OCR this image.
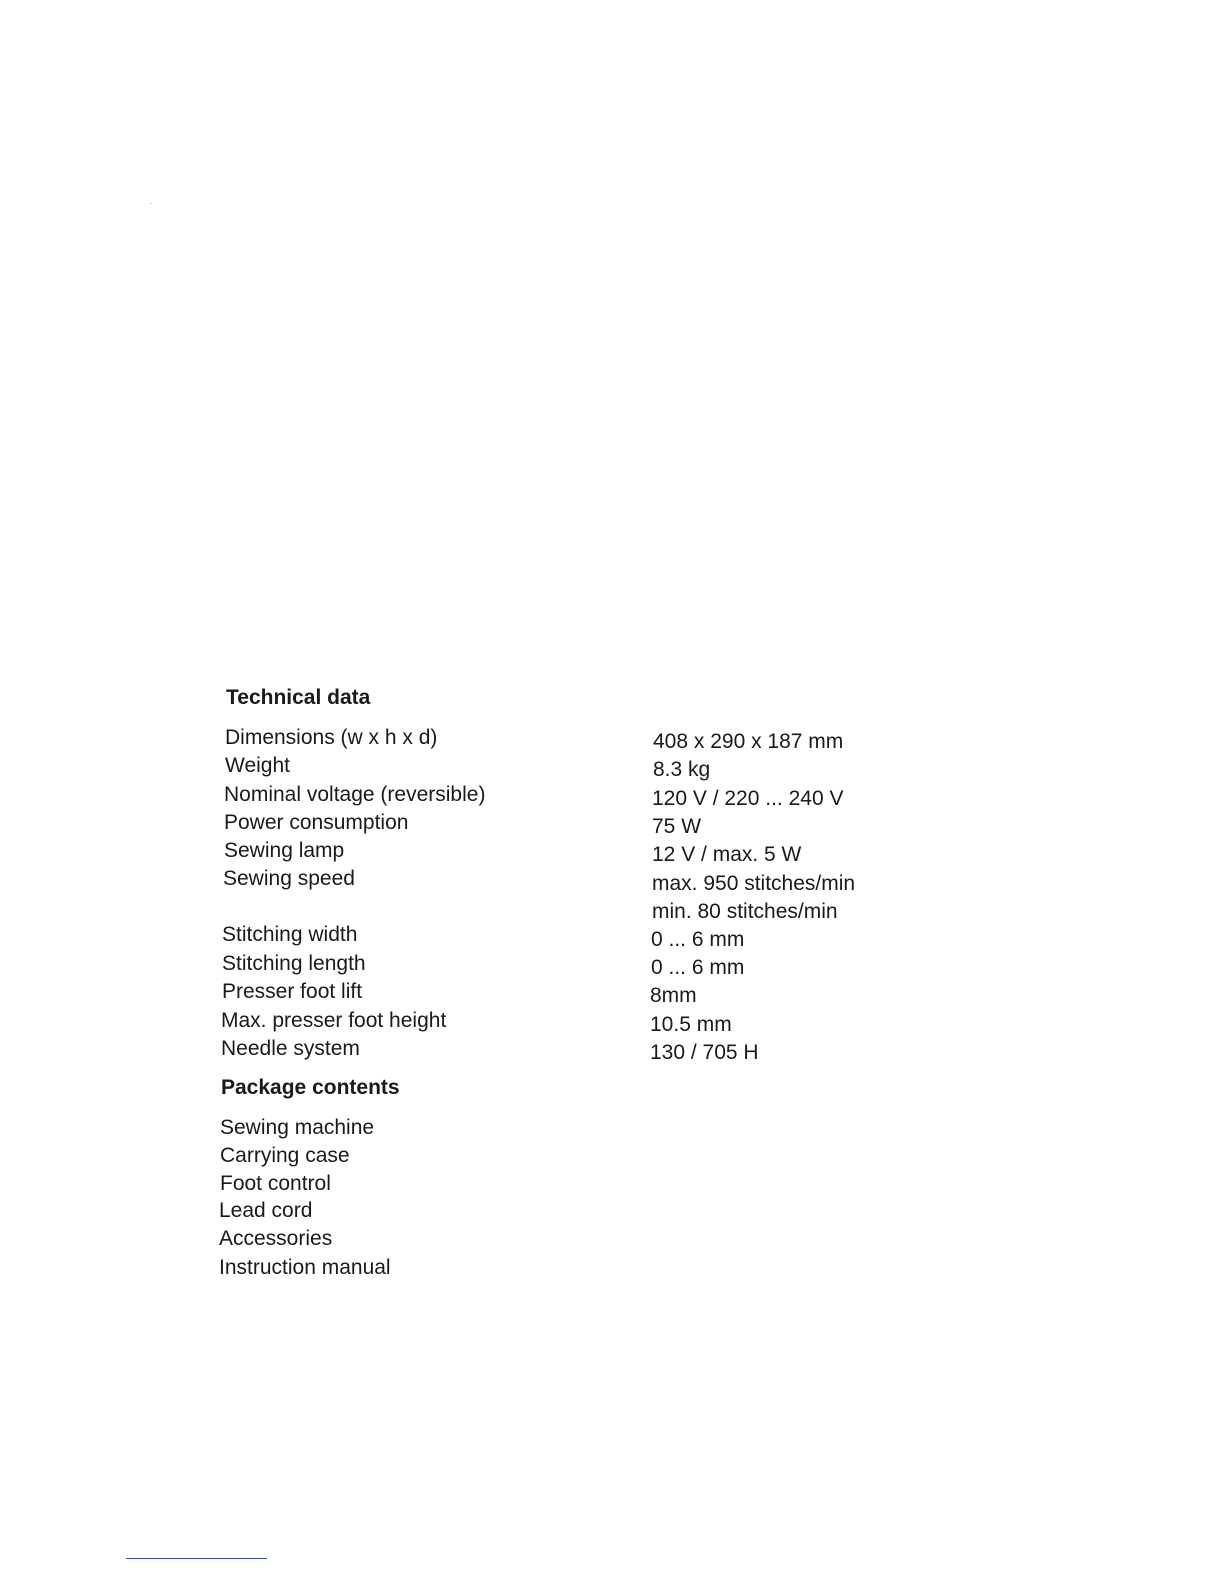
Technical data
Dimensions (w x h x d)
Weight
Nominal voltage (reversible)
Power consumption
Sewing lamp
Sewing speed
Stitching width
Stitching length
Presser foot lift
Max. presser foot height
Needle system
408 x 290 x 187 mm
8.3 kg
120 V / 220 ... 240 V
75 W
12 V / max. 5 W
max. 950 stitches/min
min. 80 stitches/min
0 ... 6 mm
0 ... 6 mm
8mm
10.5 mm
130 / 705 H
Package contents
Sewing machine
Carrying case
Foot control
Lead cord
Accessories
Instruction manual
